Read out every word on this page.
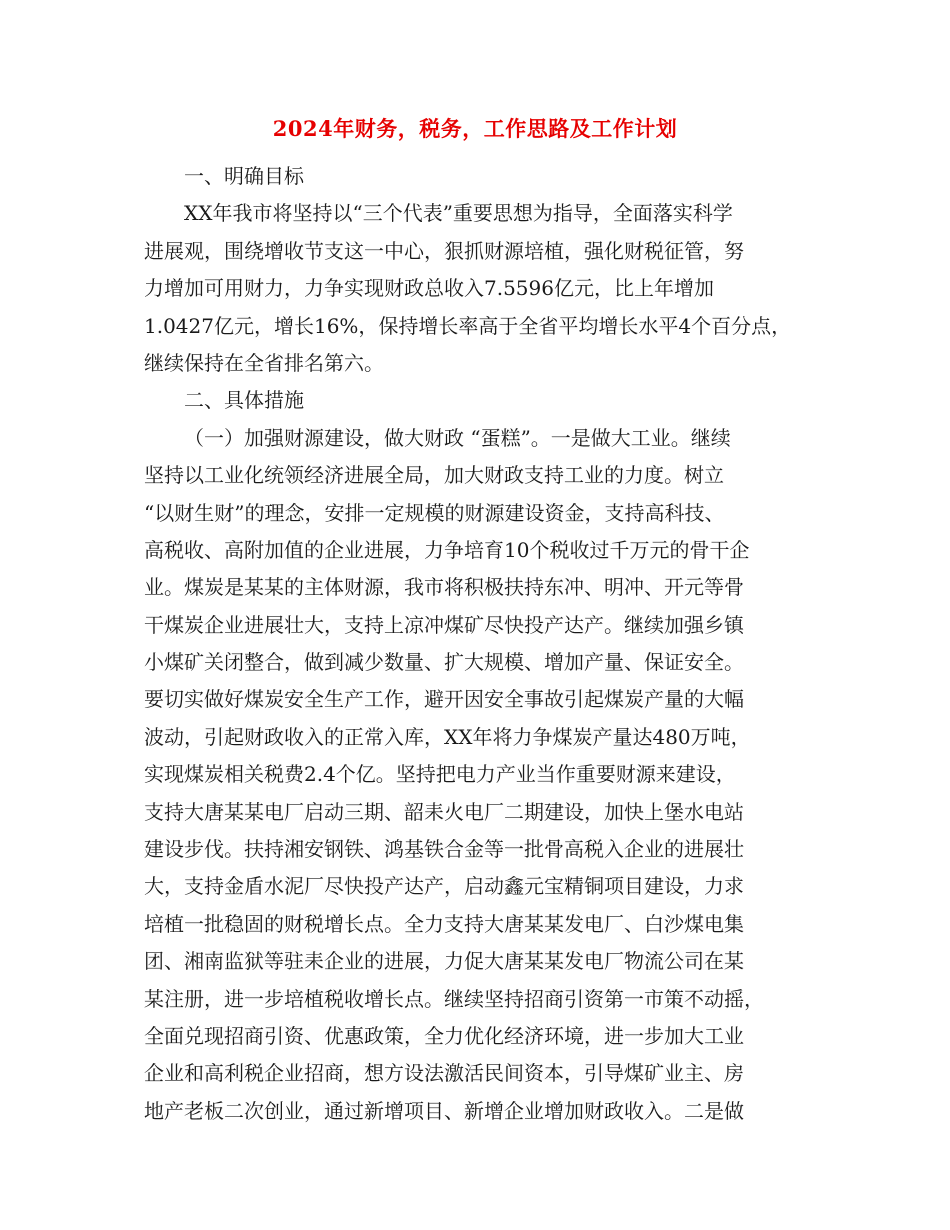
2024年财务，税务，工作思路及工作计划
一、明确目标
XX年我市将坚持以“三个代表”重要思想为指导，全面落实科学
进展观，围绕增收节支这一中心，狠抓财源培植，强化财税征管，努
力增加可用财力，力争实现财政总收入7.5596亿元，比上年增加
1.0427亿元，增长16%，保持增长率高于全省平均增长水平4个百分点，
继续保持在全省排名第六。
二、具体措施
（一）加强财源建设，做大财政 “蛋糕”。一是做大工业。继续
坚持以工业化统领经济进展全局，加大财政支持工业的力度。树立
“以财生财”的理念，安排一定规模的财源建设资金，支持高科技、
高税收、高附加值的企业进展，力争培育10个税收过千万元的骨干企
业。煤炭是某某的主体财源，我市将积极扶持东冲、明冲、开元等骨
干煤炭企业进展壮大，支持上凉冲煤矿尽快投产达产。继续加强乡镇
小煤矿关闭整合，做到减少数量、扩大规模、增加产量、保证安全。
要切实做好煤炭安全生产工作，避开因安全事故引起煤炭产量的大幅
波动，引起财政收入的正常入库，XX年将力争煤炭产量达480万吨，
实现煤炭相关税费2.4个亿。坚持把电力产业当作重要财源来建设，
支持大唐某某电厂启动三期、韶耒火电厂二期建设，加快上堡水电站
建设步伐。扶持湘安钢铁、鸿基铁合金等一批骨高税入企业的进展壮
大，支持金盾水泥厂尽快投产达产，启动鑫元宝精铜项目建设，力求
培植一批稳固的财税增长点。全力支持大唐某某发电厂、白沙煤电集
团、湘南监狱等驻耒企业的进展，力促大唐某某发电厂物流公司在某
某注册，进一步培植税收增长点。继续坚持招商引资第一市策不动摇，
全面兑现招商引资、优惠政策，全力优化经济环境，进一步加大工业
企业和高利税企业招商，想方设法激活民间资本，引导煤矿业主、房
地产老板二次创业，通过新增项目、新增企业增加财政收入。二是做
